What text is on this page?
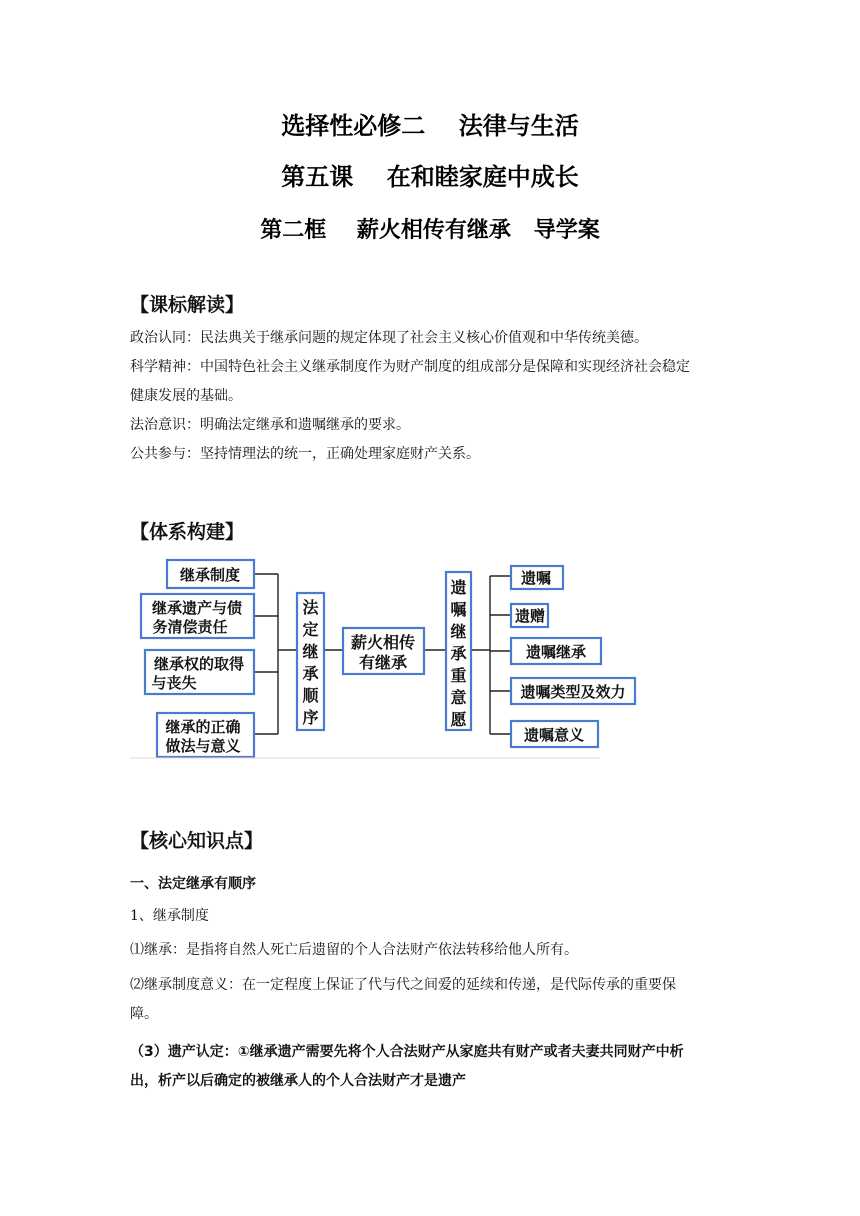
选择性必修二    法律与生活
第五课    在和睦家庭中成长
第二框    薪火相传有继承   导学案
【课标解读】
政治认同：民法典关于继承问题的规定体现了社会主义核心价值观和中华传统美德。
科学精神：中国特色社会主义继承制度作为财产制度的组成部分是保障和实现经济社会稳定
健康发展的基础。
法治意识：明确法定继承和遗嘱继承的要求。
公共参与：坚持情理法的统一，正确处理家庭财产关系。
【体系构建】
继承制度
继承遗产与债
务清偿责任
继承权的取得
与丧失
继承的正确
做法与意义
薪火相传
有继承
遗嘱
遗赠
遗嘱继承
遗嘱类型及效力
遗嘱意义
法
定
继
承
顺
序
遗
嘱
继
承
重
意
愿
【核心知识点】
一、法定继承有顺序
1、继承制度
⑴继承：是指将自然人死亡后遗留的个人合法财产依法转移给他人所有。
⑵继承制度意义：在一定程度上保证了代与代之间爱的延续和传递，是代际传承的重要保
障。
（3）遗产认定：①继承遗产需要先将个人合法财产从家庭共有财产或者夫妻共同财产中析
出，析产以后确定的被继承人的个人合法财产才是遗产
